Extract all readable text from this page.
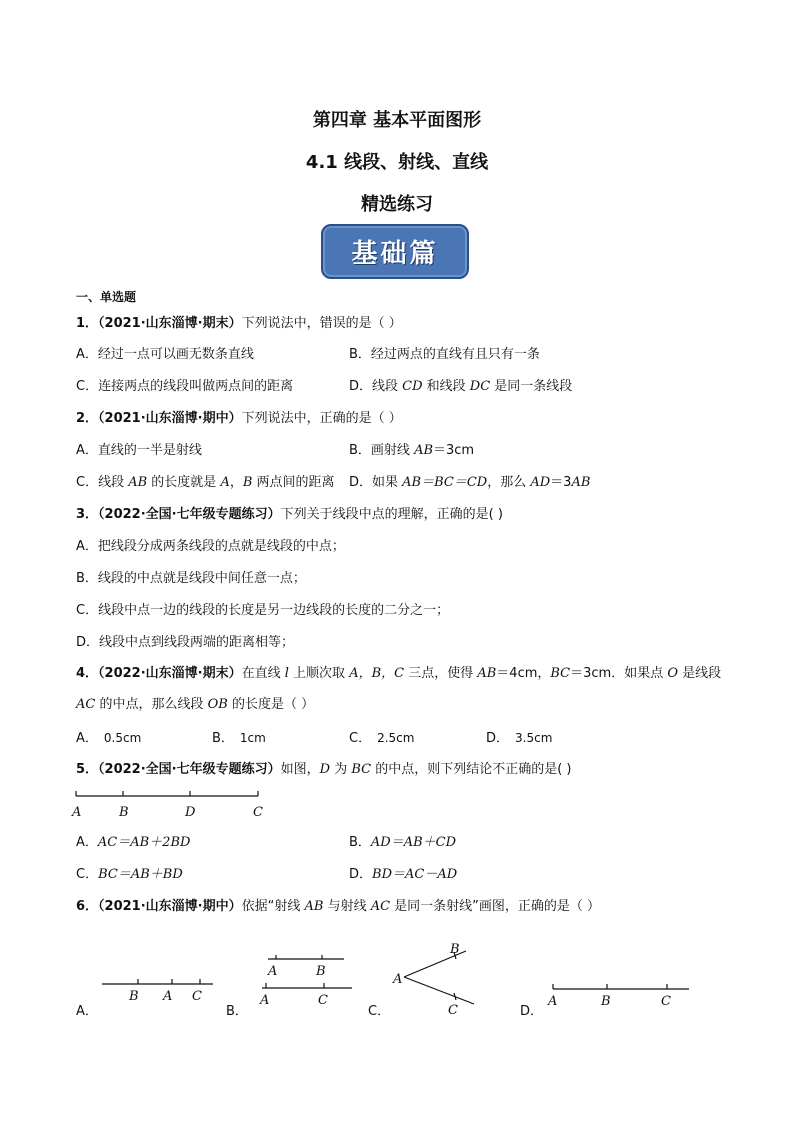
第四章 基本平面图形
4.1 线段、射线、直线
精选练习
基础篇
一、单选题
1．（2021·山东淄博·期末）下列说法中，错误的是（ ）
A．经过一点可以画无数条直线	B．经过两点的直线有且只有一条
C．连接两点的线段叫做两点间的距离	D．线段 CD 和线段 DC 是同一条线段
2．（2021·山东淄博·期中）下列说法中，正确的是（ ）
A．直线的一半是射线	B．画射线 AB＝3cm
C．线段 AB 的长度就是 A，B 两点间的距离 D．如果 AB＝BC＝CD，那么 AD＝3AB
3．（2022·全国·七年级专题练习）下列关于线段中点的理解，正确的是( )
A．把线段分成两条线段的点就是线段的中点；
B．线段的中点就是线段中间任意一点；
C．线段中点一边的线段的长度是另一边线段的长度的二分之一；
D．线段中点到线段两端的距离相等；
4．（2022·山东淄博·期末）在直线 l 上顺次取 A，B，C 三点，使得 AB＝4cm，BC＝3cm．如果点 O 是线段
AC 的中点，那么线段 OB 的长度是（ ）
A． 0.5cm	B． 1cm	C． 2.5cm	D． 3.5cm
5．（2022·全国·七年级专题练习）如图，D 为 BC 的中点，则下列结论不正确的是( )
A	B	D	C
A．AC＝AB＋2BD	B．AD＝AB＋CD
C．BC＝AB＋BD	D．BD＝AC－AD
6．（2021·山东淄博·期中）依据“射线 AB 与射线 AC 是同一条射线”画图，正确的是（ ）
B A C
A．
A	B
A	C
B．
B
A
C
C．
A	B	C
D．
